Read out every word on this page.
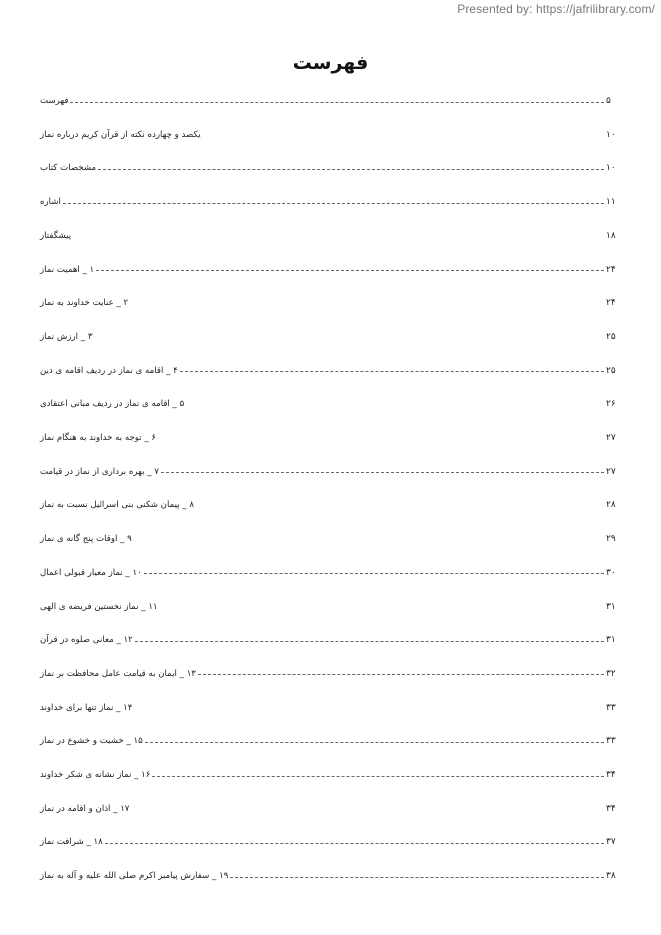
Presented by: https://jafrilibrary.com/
فهرست
فهرست	۵
یکصد و چهارده نکته از قرآن کریم درباره نماز	۱۰
مشخصات کتاب	۱۰
اشاره	۱۱
پیشگفتار	۱۸
۱ _ اهمیت نماز	۲۴
۲ _ عنایت خداوند به نماز	۲۴
۳ _ ارزش نماز	۲۵
۴ _ اقامه ی نماز در ردیف اقامه ی دین	۲۵
۵ _ اقامه ی نماز در ردیف مبانی اعتقادی	۲۶
۶ _ توجه به خداوند به هنگام نماز	۲۷
۷ _ بهره برداری از نماز در قیامت	۲۷
۸ _ پیمان شکنی بنی اسرائیل نسبت به نماز	۲۸
۹ _ اوقات پنج گانه ی نماز	۲۹
۱۰ _ نماز معیار قبولی اعمال	۳۰
۱۱ _ نماز نخستین فریضه ی الهی	۳۱
۱۲ _ معانی صلوه در قرآن	۳۱
۱۳ _ ایمان به قیامت عامل محافظت بر نماز	۳۲
۱۴ _ نماز تنها برای خداوند	۳۳
۱۵ _ خشیت و خشوع در نماز	۳۳
۱۶ _ نماز نشانه ی شکر خداوند	۳۴
۱۷ _ اذان و اقامه در نماز	۳۴
۱۸ _ شرافت نماز	۳۷
۱۹ _ سفارش پیامبر اکرم صلی الله علیه و آله به نماز	۳۸
